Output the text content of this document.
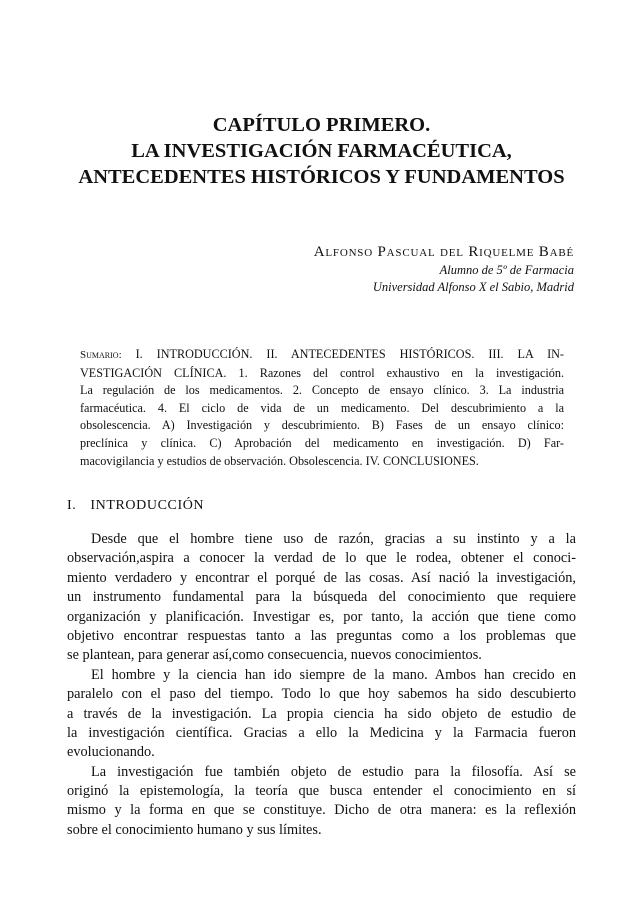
CAPÍTULO PRIMERO.
LA INVESTIGACIÓN FARMACÉUTICA,
ANTECEDENTES HISTÓRICOS Y FUNDAMENTOS
Alfonso Pascual del Riquelme Babé
Alumno de 5º de Farmacia
Universidad Alfonso X el Sabio, Madrid
Sumario: I. INTRODUCCIÓN. II. ANTECEDENTES HISTÓRICOS. III. LA IN-
VESTIGACIÓN CLÍNICA. 1. Razones del control exhaustivo en la investigación.
La regulación de los medicamentos. 2. Concepto de ensayo clínico. 3. La industria
farmacéutica. 4. El ciclo de vida de un medicamento. Del descubrimiento a la
obsolescencia. A) Investigación y descubrimiento. B) Fases de un ensayo clínico:
preclínica y clínica. C) Aprobación del medicamento en investigación. D) Far-
macovigilancia y estudios de observación. Obsolescencia. IV. CONCLUSIONES.
I. INTRODUCCIÓN
Desde que el hombre tiene uso de razón, gracias a su instinto y a la
observación,aspira a conocer la verdad de lo que le rodea, obtener el conoci-
miento verdadero y encontrar el porqué de las cosas. Así nació la investigación,
un instrumento fundamental para la búsqueda del conocimiento que requiere
organización y planificación. Investigar es, por tanto, la acción que tiene como
objetivo encontrar respuestas tanto a las preguntas como a los problemas que
se plantean, para generar así,como consecuencia, nuevos conocimientos.
El hombre y la ciencia han ido siempre de la mano. Ambos han crecido en
paralelo con el paso del tiempo. Todo lo que hoy sabemos ha sido descubierto
a través de la investigación. La propia ciencia ha sido objeto de estudio de
la investigación científica. Gracias a ello la Medicina y la Farmacia fueron
evolucionando.
La investigación fue también objeto de estudio para la filosofía. Así se
originó la epistemología, la teoría que busca entender el conocimiento en sí
mismo y la forma en que se constituye. Dicho de otra manera: es la reflexión
sobre el conocimiento humano y sus límites.
